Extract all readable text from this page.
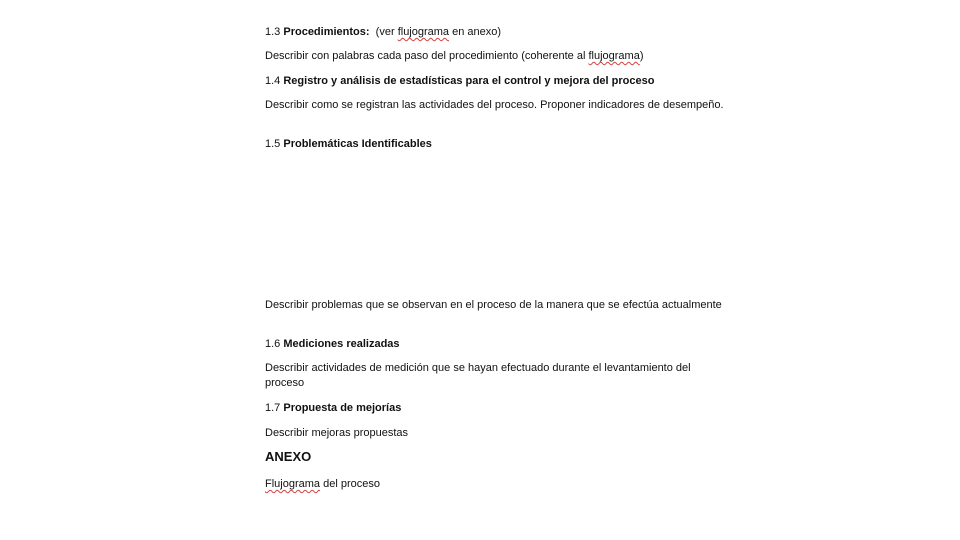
1.3 Procedimientos: (ver flujograma en anexo)
Describir con palabras cada paso del procedimiento (coherente al flujograma)
1.4 Registro y análisis de estadísticas para el control y mejora del proceso
Describir como se registran las actividades del proceso. Proponer indicadores de desempeño.
1.5 Problemáticas Identificables
Describir problemas que se observan en el proceso de la manera que se efectúa actualmente
1.6 Mediciones realizadas
Describir actividades de medición que se hayan efectuado durante el levantamiento del proceso
1.7 Propuesta de mejorías
Describir mejoras propuestas
ANEXO
Flujograma del proceso
